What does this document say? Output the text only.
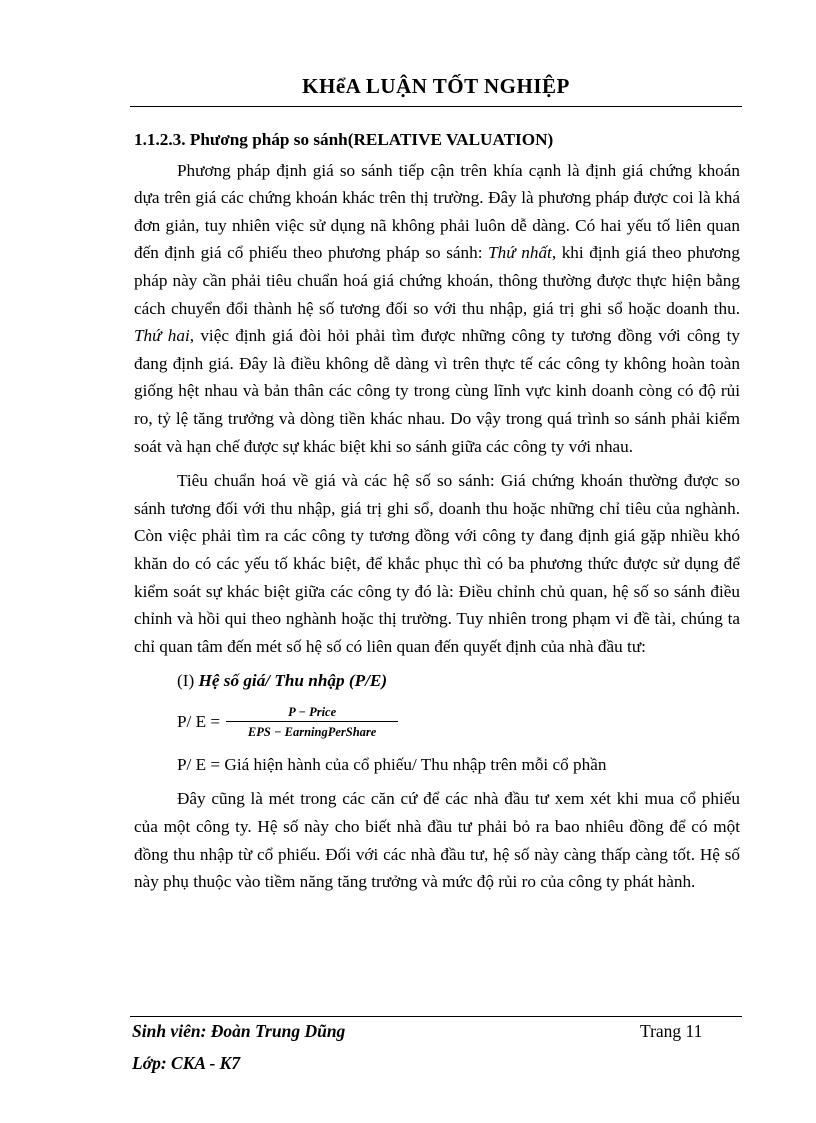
KHểA LUẬN TỐT NGHIỆP
1.1.2.3. Phương pháp so sánh(RELATIVE VALUATION)

Phương pháp định giá so sánh tiếp cận trên khía cạnh là định giá chứng khoán dựa trên giá các chứng khoán khác trên thị trường. Đây là phương pháp được coi là khá đơn giản, tuy nhiên việc sử dụng nã không phải luôn dễ dàng. Có hai yếu tố liên quan đến định giá cổ phiếu theo phương pháp so sánh: Thứ nhất, khi định giá theo phương pháp này cần phải tiêu chuẩn hoá giá chứng khoán, thông thường được thực hiện bằng cách chuyển đổi thành hệ số tương đối so với thu nhập, giá trị ghi sổ hoặc doanh thu. Thứ hai, việc định giá đòi hỏi phải tìm được những công ty tương đồng với công ty đang định giá. Đây là điều không dễ dàng vì trên thực tế các công ty không hoàn toàn giống hệt nhau và bản thân các công ty trong cùng lĩnh vực kinh doanh còng có độ rủi ro, tỷ lệ tăng trưởng và dòng tiền khác nhau. Do vậy trong quá trình so sánh phải kiểm soát và hạn chế được sự khác biệt khi so sánh giữa các công ty với nhau.

Tiêu chuẩn hoá về giá và các hệ số so sánh: Giá chứng khoán thường được so sánh tương đối với thu nhập, giá trị ghi sổ, doanh thu hoặc những chỉ tiêu của nghành. Còn việc phải tìm ra các công ty tương đồng với công ty đang định giá gặp nhiều khó khăn do có các yếu tố khác biệt, để khắc phục thì có ba phương thức được sử dụng để kiểm soát sự khác biệt giữa các công ty đó là: Điều chỉnh chủ quan, hệ số so sánh điều chỉnh và hồi qui theo nghành hoặc thị trường. Tuy nhiên trong phạm vi đề tài, chúng ta chỉ quan tâm đến mét số hệ số có liên quan đến quyết định của nhà đầu tư:

(I) Hệ số giá/ Thu nhập (P/E)
P/ $E = \frac{\text{P − Price}}{\text{EPS − EarningPerShare}}$
P/ E = Giá hiện hành của cổ phiếu/ Thu nhập trên mỗi cổ phần

Đây cũng là mét trong các căn cứ để các nhà đầu tư xem xét khi mua cổ phiếu của một công ty. Hệ số này cho biết nhà đầu tư phải bỏ ra bao nhiêu đồng để có một đồng thu nhập từ cổ phiếu. Đối với các nhà đầu tư, hệ số này càng thấp càng tốt. Hệ số này phụ thuộc vào tiềm năng tăng trưởng và mức độ rủi ro của công ty phát hành.

Sinh viên: Đoàn Trung Dũng	Trang 11
Lớp: CKA - K7
